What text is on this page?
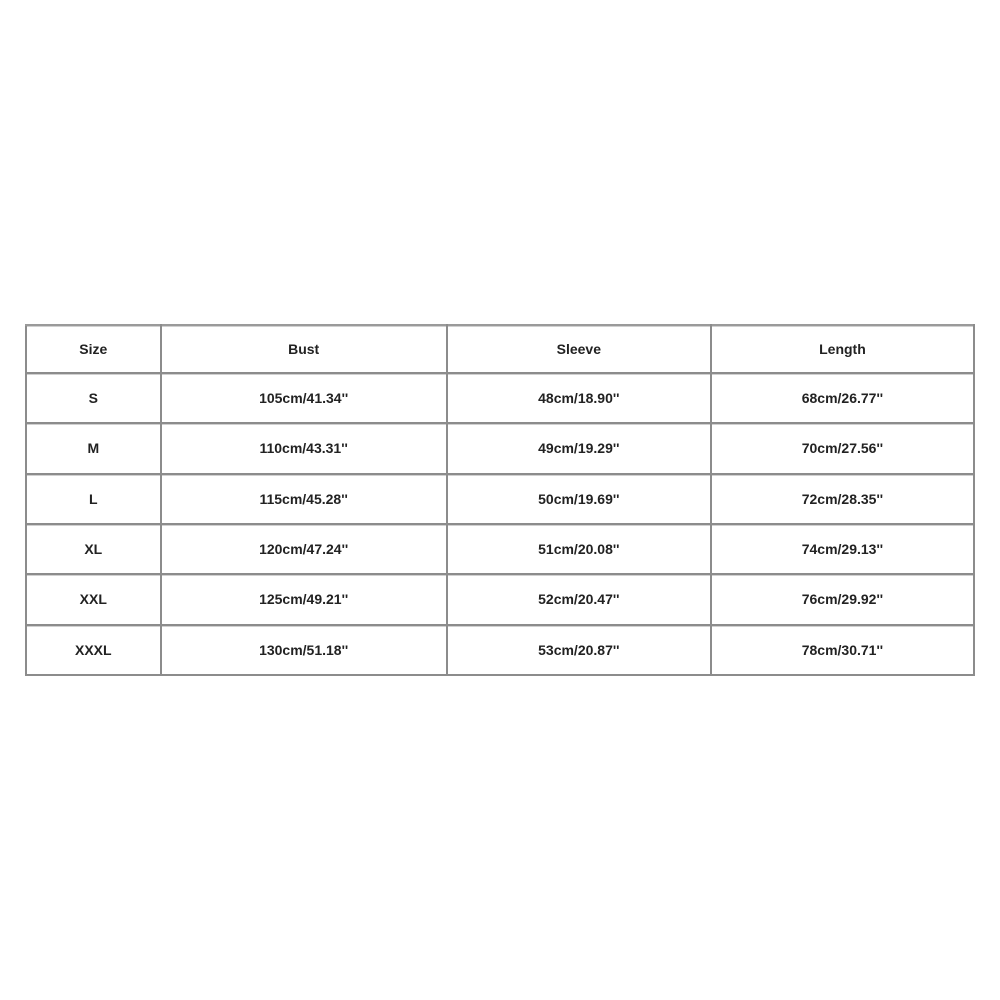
Size	Bust	Sleeve	Length
S	105cm/41.34''	48cm/18.90''	68cm/26.77''
M	110cm/43.31''	49cm/19.29''	70cm/27.56''
L	115cm/45.28''	50cm/19.69''	72cm/28.35''
XL	120cm/47.24''	51cm/20.08''	74cm/29.13''
XXL	125cm/49.21''	52cm/20.47''	76cm/29.92''
XXXL	130cm/51.18''	53cm/20.87''	78cm/30.71''
